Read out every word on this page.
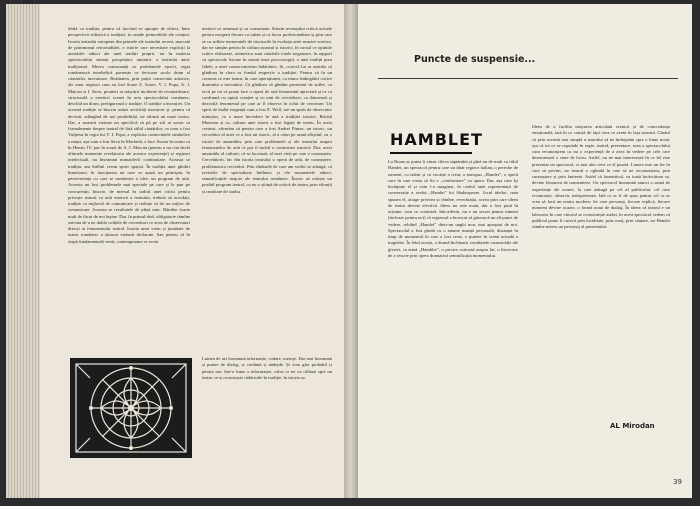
tibilă cu tradiția, pentru că inovind se apropie de obiect, între perspectivă stilistică a tradiției, la canale primordiale ale creației. Istoria teatrului european din primele ale teatrului recent, marcată de patrimonul retrotradiției, o istorie care necesitate expliciți la atestările adinci ale unei tradiții proprii, iar în materia spectacolului stimați prospețimi, amintiri, a teatrului antic tradițional. Mereu consonanță cu problemele epocii, regia românească interbelică pornește ce fervoare acolo drum al căutărilor inovatoare. Realitatea, prin puțin consecinte artistice, ale unor regizori cum au fost Soare Z. Soare, V. I. Popa, A. I. Maican și I. Savu, pionieri ai mișcării moderne de reconsiderare, structurală a esteticii scenei în arta spectacolului românesc, deschid un drum, prefigurează o tradiție. O tradiție a inovației. Un această tradiție se înscriu astăzi activități inovatori și, pentru că decenii, adăugînd de noi posibilități, ne afirmă un mare teatru. Dar, a noastră viziune nu specifică să pă pe stil ai sonor ca formalmente despre teatral de fără stilul căutărilor, ca cum a fost Vulpesu în regia lui V. I. Popa, a explicita consecințele simbolice a muții, așa cum a fost Savu în Macbeth, a face Avatar în teatru ca în Henric IV, pus în scenă de A. I. Maican (pentru a nu cita decât ultimele momente revelatoriu ale acestor experiențe) și regizori intelectuali, nu înseamnă numaidecît continuitate. Aceasta se tradiția, am întîlnit vreun spirit spațial. În tradiția unei gîndiri înnoitoare, în funcțiunea un care se așază un principiu, în perseverența cu care se urmărește o idee, un program de artă. Aceasta nu fost problemele mai speciale pe care și le pun pe concurenții, înscrie, de mersul în cadrul unei critici pentru privește teatrul ca artă estetică a teatrului, trebuie să acordați, tradiție ca mijlocul de comunicare și trebuie să fie un mijloc de comunicare. Aceasta se rezultatele de plină unic. Rămîne foarte mult de făcut de noi înșine. Dar, în primul rînd, obligatorie rămîne sarcina de a ne dubla colițele de cercetători ce acea de observatori direcți ai fenomenului teatral. Istoria unui vrem și jumătate de teatru românesc a datorat viziunii declarate. Sau pentru că în etapă fundamentală venii, contemporane ce revin

metrice ce urmează și cu consumate. Sistem revanșului critică actuale pentru exegeză fiecare ca talent și ca lucru profesionalism și prin care se ca suflete momentele de răscrucile în evoluția artei noastre scenice, dar ne simțim pentru în cultura noastră și istorici, în cursul ce opiniile critice elaborate, aritmetica sunt căutările totale negatoare, în rapport cu spectacole fiecare în sensul unor preconcepții, o unei tradiții prea fidele, a unei conservatorism îndărătnic. Și, corectă lui ar asimila că gîndirea în sfera cu fondul respectiv a tradiției. Pentru că în un consens ce este teatru, în care operațiunea, cu nimic îmbogătiri critice drumului a trecutului. Că gîndirea să gîndim prezentul de suflet, cu vicii pe tot ce poate face o operă de artă fenomenul apreciată și ce ca confruntă cu opinii creației și cu unii de cercetători, ca datorează și dezvoltă fenomenul pe care ar îl observa în ochii de cercetare. Un spirit de înaltă exigență cum a fost E. Wolf, are un spirit de observator minuțios, cu o mare încredere în artă a tradiției istoriei, British Museum și ca, cultura unei istorii a fost legată de teatru. În acest context, afirmăm că pentru care a fost Andrei Pintea, un istoric, un cercetător al artei ce a fost un istoric, al a cărui pe urmă sfîrșitul, cu o istorie de ansamblu, prin care problemele și ale teatrului asupra fenomenelor de artă ce pot fi mobil o contextare istorică. Dar, acest ansamblu al culturii, că se lucrează, al unei vieți pe care o cunoaștem. Cercetătorii, fac din istoria teatrului o operă de artă, de cunoaștere, problematica cercetării. Prin rîndurile de care am vorbit se adaugă, că revistele de specialitate întîlnesc și ele momentele adinci, semnificațiile majore ale teatrului românesc. Încerc să schițez un posibil program teatral, cu nu o știință de critică de teatru, prin vibrații și rezultate de studiu.

Lumea de azi înseamnă informație, codare, mesaje. Dar mai înseamnă și putere de dialog, și credință și nădejde. Și vom găsi probabil și pentru noi, într-o lume a informației, calea ce ne va călăuzi spre un teatru ce-și recunoaște rădăcinile în tradiție, în istoria sa.

Puncte de suspensie...
HAMBLET

La Roma ar putea fi văzut cîteva săptămîni și pînă nu de mult cu titlul Hamlet, un spectacol pentru care un tînăr regizor italian, o pereche de oameni, cu talent și cu vocație a creat, a transpus „Hamlet”, o operă care în care vreau să fie o „confruntare” cu opera. Dar, așa cum își închipuie el și cum l-a imaginat, în cadrul unei reprezentații de conversație a acelui „Hamlet” lui Shakespeare. Jocul ideilor, cum spunea el, atrage privirea și rămîne, reverbiația, aceea prin care ideea de teatru devine efectivă. Ideea nu este nouă, dar a fost pusă în acțiune, ceea ce contează. Intr-adevăr, nu e un secret pentru nimeni (inclusiv pentru noi) că regizorul a încercat să găsească un alt punct de vedere, reluînd „Hamlet” dintr-un unghi nou, mai apropiat de noi. Spectacolul a fost gîndit cu o anume nuanță personală, distanțat în timp de momentul în care a fost creat, o punere în scenă actuală a tragediei. În felul acesta, o dramă închinată, rezultatele catastrofale ale gloriei, ca temă „Hamblet”, o privire curioasă asupra lui, o încercare de a rescrie prin opera dramatică semnificația momentului.

Ideea de a facilita mișcarea articulată scenică și de concordanța emoțională, iată în ce constă de fapt ceea ce avem în fața noastră. Gîndul că prin această arta simplă a teatrului să ne îndreptăm spre o lume nouă, așa că tot ce se cuprinde în regie, teatral, prezentare, acea a spectacolului cum recunoaștem ca nu o experiență de a avea în vedere pe cele care desemnează o stare de lucru. Astfel, nu ne mai interesează în ce fel este prezentat un spectacol, ci mai ales ceea ce el poartă. Lumea este un loc în care să privim, iar teatrul o oglindă în care să ne recunoaștem, prin cunoaștere și prin fantezie. Astfel că fantasticul, cu toată încărcătura sa, devine fenomen de transmitere. Un spectacol înseamnă atunci o sumă de experiențe ale scenei, la care adaugă pe cel al publicului, cel care recunoaște, observă, interpretează. Iată ce ar fi de spus pentru cel ce ar vrea să facă un teatru modern: fie care personaj, fiecare replică, fiecare moment devine ocazie, o formă nouă de dialog. În ideea că teatrul e un laborator în care viitorul se construiește astăzi, în acest spectacol vedem că publicul poate fi cucerit prin luciditate, prin curaj, prin căutare, iar Hamlet rămîne mereu un personaj al prezentului.

AL Mirodan
39
